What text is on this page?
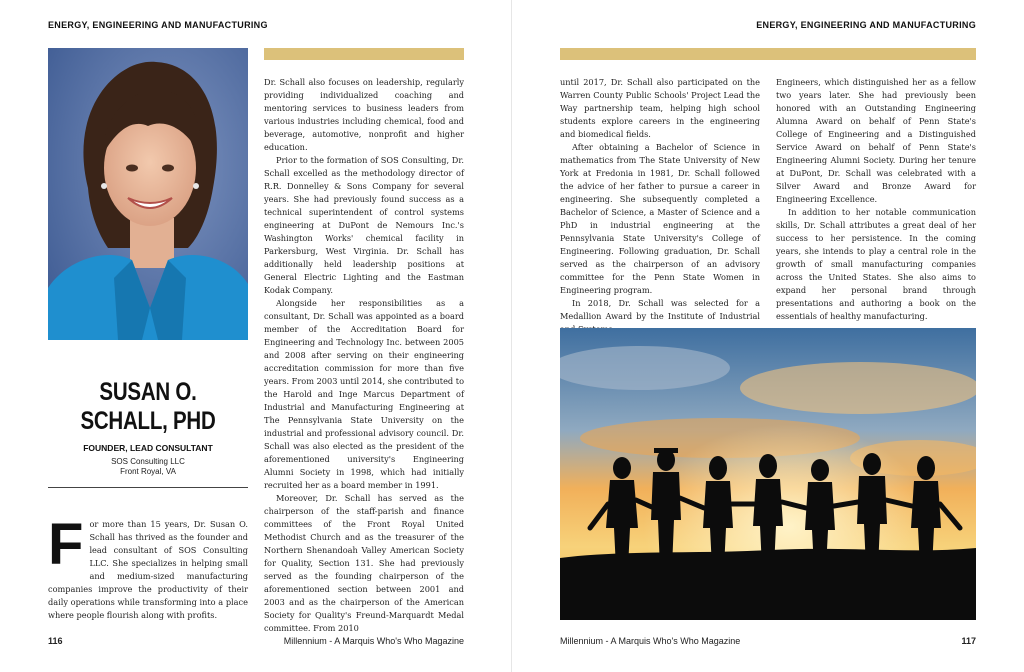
ENERGY, ENGINEERING AND MANUFACTURING
SUSAN O.
SCHALL, PHD
FOUNDER, LEAD CONSULTANT
SOS Consulting LLC
Front Royal, VA
F or more than 15 years, Dr. Susan O. Schall has thrived as the founder and lead consultant of SOS Consulting LLC. She specializes in helping small and medium-sized manufacturing companies improve the productivity of their daily operations while transforming into a place where people flourish along with profits.

Dr. Schall also focuses on leadership, regularly providing individualized coaching and mentoring services to business leaders from various industries including chemical, food and beverage, automotive, nonprofit and higher education.

Prior to the formation of SOS Consulting, Dr. Schall excelled as the methodology director of R.R. Donnelley & Sons Company for several years. She had previously found success as a technical superintendent of control systems engineering at DuPont de Nemours Inc.'s Washington Works' chemical facility in Parkersburg, West Virginia. Dr. Schall has additionally held leadership positions at General Electric Lighting and the Eastman Kodak Company.

Alongside her responsibilities as a consultant, Dr. Schall was appointed as a board member of the Accreditation Board for Engineering and Technology Inc. between 2005 and 2008 after serving on their engineering accreditation commission for more than five years. From 2003 until 2014, she contributed to the Harold and Inge Marcus Department of Industrial and Manufacturing Engineering at The Pennsylvania State University on the industrial and professional advisory council. Dr. Schall was also elected as the president of the aforementioned university's Engineering Alumni Society in 1998, which had initially recruited her as a board member in 1991.

Moreover, Dr. Schall has served as the chairperson of the staff-parish and finance committees of the Front Royal United Methodist Church and as the treasurer of the Northern Shenandoah Valley American Society for Quality, Section 131. She had previously served as the founding chairperson of the aforementioned section between 2001 and 2003 and as the chairperson of the American Society for Quality's Freund-Marquardt Medal committee. From 2010

116	Millennium - A Marquis Who's Who Magazine
ENERGY, ENGINEERING AND MANUFACTURING

until 2017, Dr. Schall also participated on the Warren County Public Schools' Project Lead the Way partnership team, helping high school students explore careers in the engineering and biomedical fields.

After obtaining a Bachelor of Science in mathematics from The State University of New York at Fredonia in 1981, Dr. Schall followed the advice of her father to pursue a career in engineering. She subsequently completed a Bachelor of Science, a Master of Science and a PhD in industrial engineering at the Pennsylvania State University's College of Engineering. Following graduation, Dr. Schall served as the chairperson of an advisory committee for the Penn State Women in Engineering program.

In 2018, Dr. Schall was selected for a Medallion Award by the Institute of Industrial

Engineers, which distinguished her as a fellow two years later. She had previously been honored with an Outstanding Engineering Alumna Award on behalf of Penn State's College of Engineering and a Distinguished Service Award on behalf of Penn State's Engineering Alumni Society. During her tenure at DuPont, Dr. Schall was celebrated with a Silver Award and Bronze Award for Engineering Excellence.

In addition to her notable communication skills, Dr. Schall attributes a great deal of her success to her persistence. In the coming years, she intends to play a central role in the growth of small manufacturing companies across the United States. She also aims to expand her personal brand through presentations and authoring a book on the essentials of healthy manufacturing.

Millennium - A Marquis Who's Who Magazine	117
